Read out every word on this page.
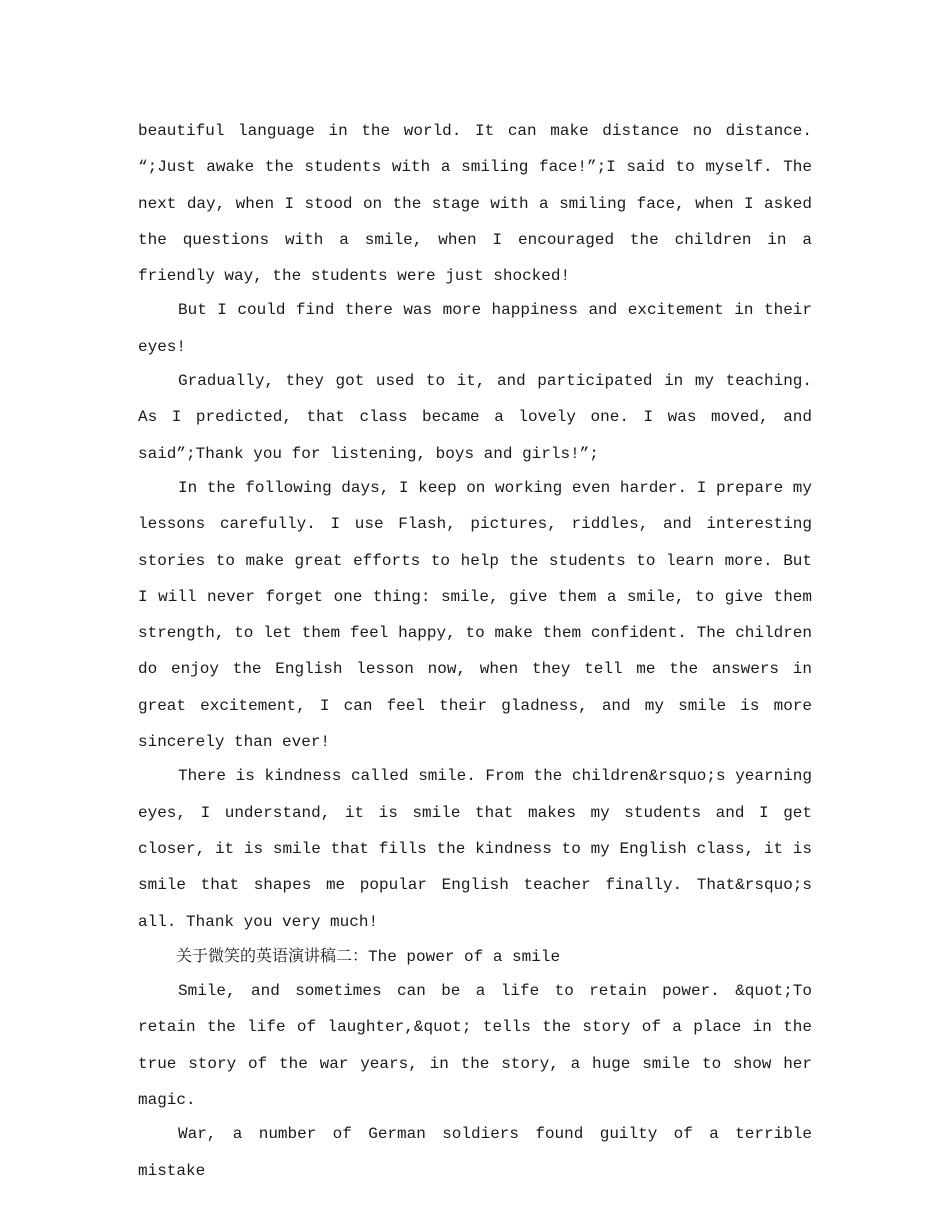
beautiful language in the world. It can make distance no distance. “;Just awake the students with a smiling face!”;I said to myself. The next day, when I stood on the stage with a smiling face, when I asked the questions with a smile, when I encouraged the children in a friendly way, the students were just shocked!

But I could find there was more happiness and excitement in their eyes!

Gradually, they got used to it, and participated in my teaching. As I predicted, that class became a lovely one. I was moved, and said”;Thank you for listening, boys and girls!”;

In the following days, I keep on working even harder. I prepare my lessons carefully. I use Flash, pictures, riddles, and interesting stories to make great efforts to help the students to learn more. But I will never forget one thing: smile, give them a smile, to give them strength, to let them feel happy, to make them confident. The children do enjoy the English lesson now, when they tell me the answers in great excitement, I can feel their gladness, and my smile is more sincerely than ever!

There is kindness called smile. From the children&rsquo;s yearning eyes, I understand, it is smile that makes my students and I get closer, it is smile that fills the kindness to my English class, it is smile that shapes me popular English teacher finally. That&rsquo;s all. Thank you very much!

关于微笑的英语演讲稿二：The power of a smile

Smile, and sometimes can be a life to retain power. &quot;To retain the life of laughter,&quot; tells the story of a place in the true story of the war years, in the story, a huge smile to show her magic.

War, a number of German soldiers found guilty of a terrible mistake
